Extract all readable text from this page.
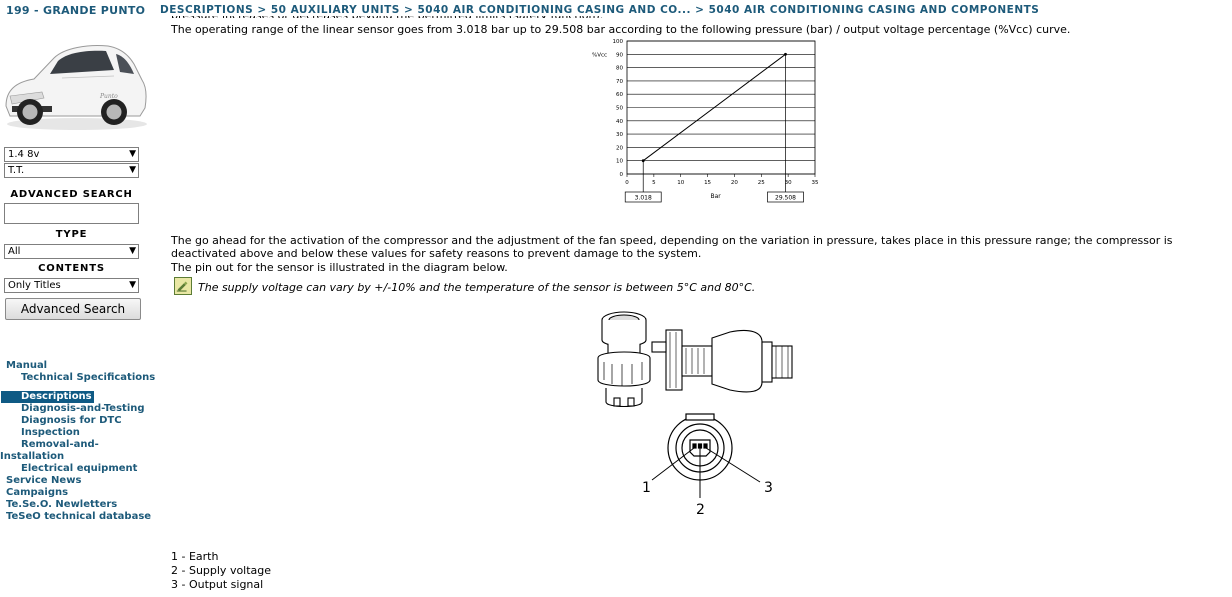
199 - GRANDE PUNTO
Punto
1.4 8v	▼
T.T.	▼
ADVANCED SEARCH
TYPE
All	▼
CONTENTS
Only Titles	▼
Advanced Search
Manual
Technical Specifications
Descriptions
Diagnosis-and-Testing
Diagnosis for DTC
Inspection
Removal-and-
Installation
Electrical equipment
Service News
Campaigns
Te.Se.O. Newletters
TeSeO technical database
DESCRIPTIONS > 50 AUXILIARY UNITS > 5040 AIR CONDITIONING CASING AND CO... > 5040 AIR CONDITIONING CASING AND COMPONENTS
The operating range of the linear sensor goes from 3.018 bar up to 29.508 bar according to the following pressure (bar) / output voltage percentage (%Vcc) curve.
The go ahead for the activation of the compressor and the adjustment of the fan speed, depending on the variation in pressure, takes place in this pressure range; the compressor is
deactivated above and below these values for safety reasons to prevent damage to the system.
The pin out for the sensor is illustrated in the diagram below.
The supply voltage can vary by +/-10% and the temperature of the sensor is between 5°C and 80°C.
1 - Earth
2 - Supply voltage
3 - Output signal
0
10
20
30
40
50
60
70
80
90
100
0	5	10	15	20	25	30	35
%Vcc
Bar
3.018	29.508
1
2
3
